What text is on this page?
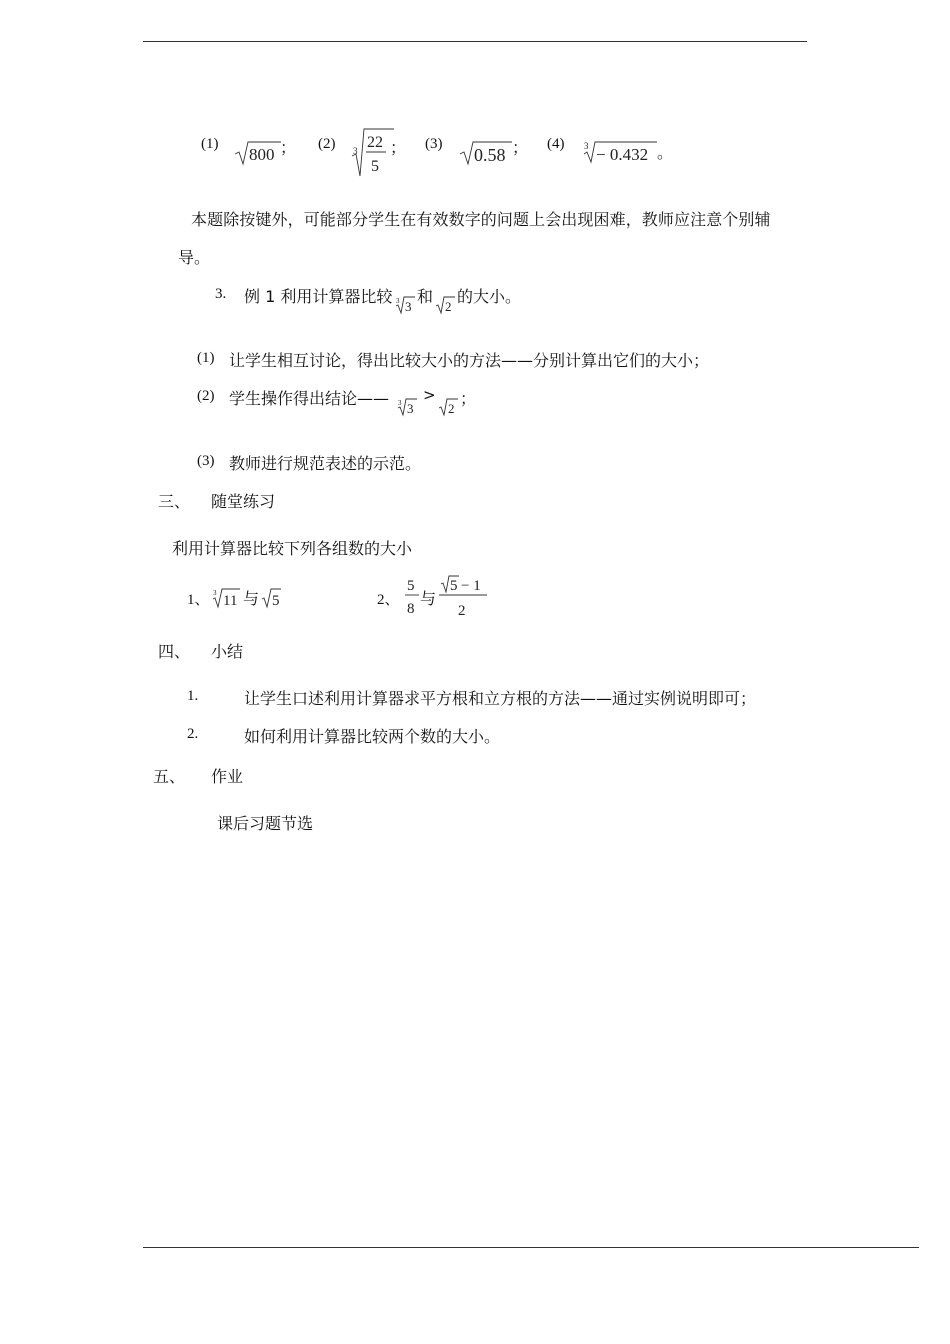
(1)
800 ； (2) 3 22
5
； (3)
0.58 ； (4) 3 − 0.432 。
本题除按键外，可能部分学生在有效数字的问题上会出现困难，教师应注意个别辅
导。
3. 例 1 利用计算器比较 3 3
和
2
的大小。
(1) 让学生相互讨论，得出比较大小的方法——分别计算出它们的大小；
(2) 学生操作得出结论—— 3 3
>
2
；
(3) 教师进行规范表述的示范。
三、 随堂练习
利用计算器比较下列各组数的大小
1、 3 11 与 5	2、
5
8
与
5 − 1
2
四、 小结
1.	让学生口述利用计算器求平方根和立方根的方法——通过实例说明即可；
2.	如何利用计算器比较两个数的大小。
五、 作业
课后习题节选
